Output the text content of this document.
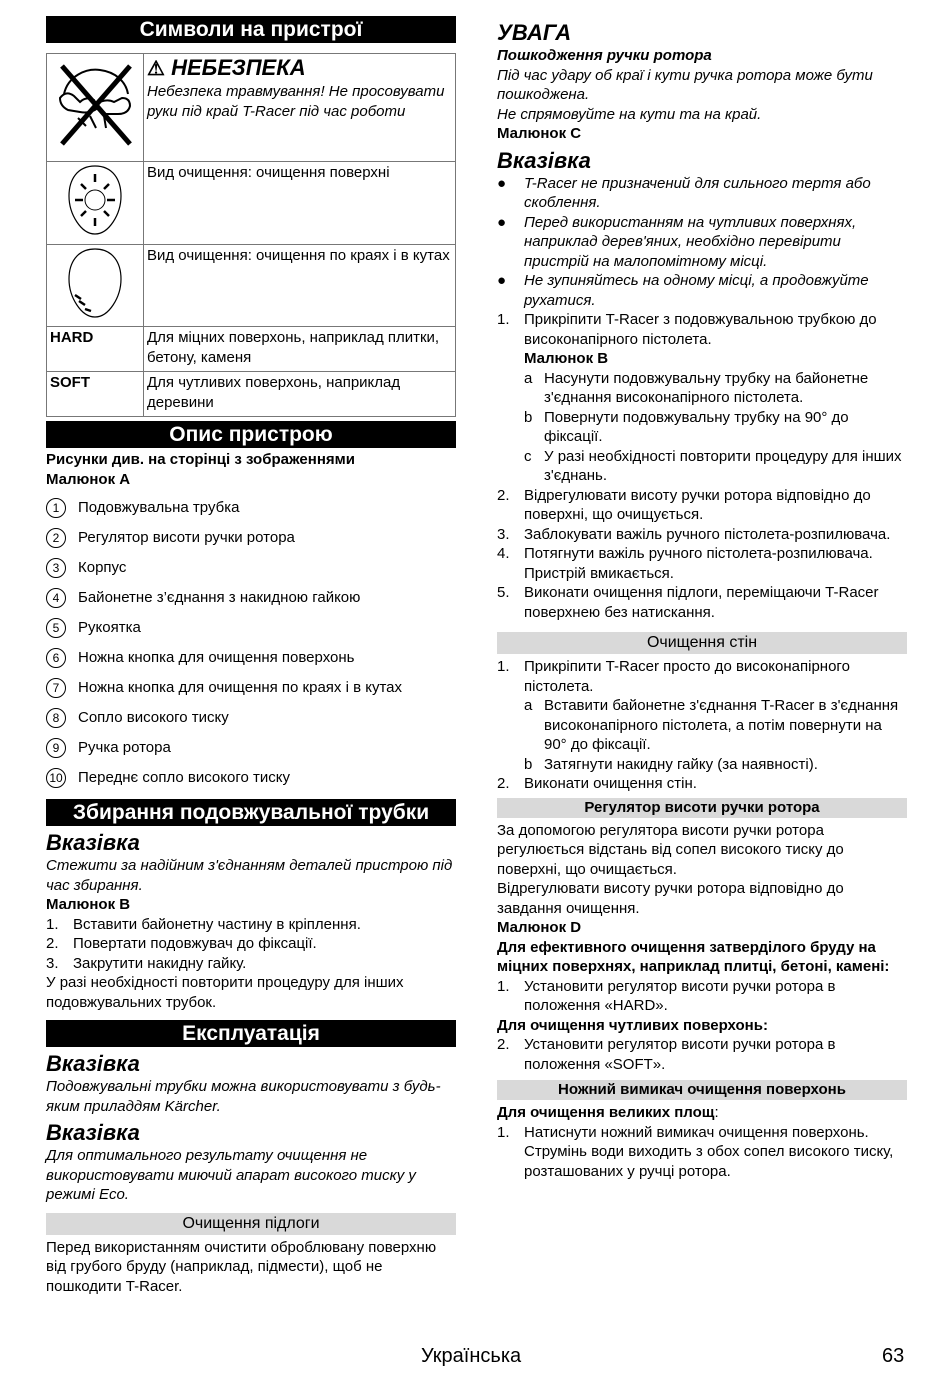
Символи на пристрої

⚠ НЕБЕЗПЕКА

Небезпека травмування! Не просовувати руки під край T-Racer під час роботи

	Вид очищення: очищення поверхні
	Вид очищення: очищення по краях і в кутах
HARD	Для міцних поверхонь, наприклад плитки, бетону, каменя
SOFT	Для чутливих поверхонь, наприклад деревини
Опис пристрою

Рисунки див. на сторінці з зображеннями

Малюнок A

1	Подовжувальна трубка
2	Регулятор висоти ручки ротора
3	Корпус
4	Байонетне з’єднання з накидною гайкою
5	Рукоятка
6	Ножна кнопка для очищення поверхонь
7	Ножна кнопка для очищення по краях і в кутах
8	Сопло високого тиску
9	Ручка ротора
10 Переднє сопло високого тиску
Збирання подовжувальної трубки
Вказівка

Стежити за надійним з'єднанням деталей пристрою під час збирання.

Малюнок B

1. Вставити байонетну частину в кріплення.
2. Повертати подовжувач до фіксації.
3. Закрутити накидну гайку.

У разі необхідності повторити процедуру для інших подовжувальних трубок.

Експлуатація
Вказівка

Подовжувальні трубки можна використовувати з будь-яким приладдям Kärcher.

Вказівка

Для оптимального результату очищення не використовувати миючий апарат високого тиску у режимі Eco.

Очищення підлоги

Перед використанням очистити оброблювану поверхню від грубого бруду (наприклад, підмести), щоб не пошкодити T-Racer.

УВАГА

Пошкодження ручки ротора

Під час удару об краї і кути ручка ротора може бути пошкоджена.

Не спрямовуйте на кути та на край.

Малюнок C

Вказівка
●	T-Racer не призначений для сильного тертя або скоблення.
●	Перед використанням на чутливих поверхнях, наприклад дерев'яних, необхідно перевірити пристрій на малопомітному місці.
●	Не зупиняйтесь на одному місці, а продовжуйте рухатися.
1. Прикріпити T-Racer з подовжувальною трубкою до високонапірного пістолета.

Малюнок B

a Насунути подовжувальну трубку на байонетне з'єднання високонапірного пістолета.
b Повернути подовжувальну трубку на 90° до фіксації.
c У разі необхідності повторити процедуру для інших з'єднань.
2. Відрегулювати висоту ручки ротора відповідно до поверхні, що очищується.
3. Заблокувати важіль ручного пістолета-розпилювача.
4. Потягнути важіль ручного пістолета-розпилювача.

Пристрій вмикається.

5. Виконати очищення підлоги, переміщаючи T-Racer поверхнею без натискання.
Очищення стін
1. Прикріпити T-Racer просто до високонапірного пістолета.
a Вставити байонетне з'єднання T-Racer в з'єднання високонапірного пістолета, а потім повернути на 90° до фіксації.
b Затягнути накидну гайку (за наявності).
2. Виконати очищення стін.
Регулятор висоти ручки ротора

За допомогою регулятора висоти ручки ротора регулюється відстань від сопел високого тиску до поверхні, що очищається.

Відрегулювати висоту ручки ротора відповідно до завдання очищення.

Малюнок D

Для ефективного очищення затверділого бруду на міцних поверхнях, наприклад плитці, бетоні, камені:

1. Установити регулятор висоти ручки ротора в положення «HARD».

Для очищення чутливих поверхонь:

2. Установити регулятор висоти ручки ротора в положення «SOFT».
Ножний вимикач очищення поверхонь

Для очищення великих площ:

1. Натиснути ножний вимикач очищення поверхонь. Струмінь води виходить з обох сопел високого тиску, розташованих у ручці ротора.
Українська	63
